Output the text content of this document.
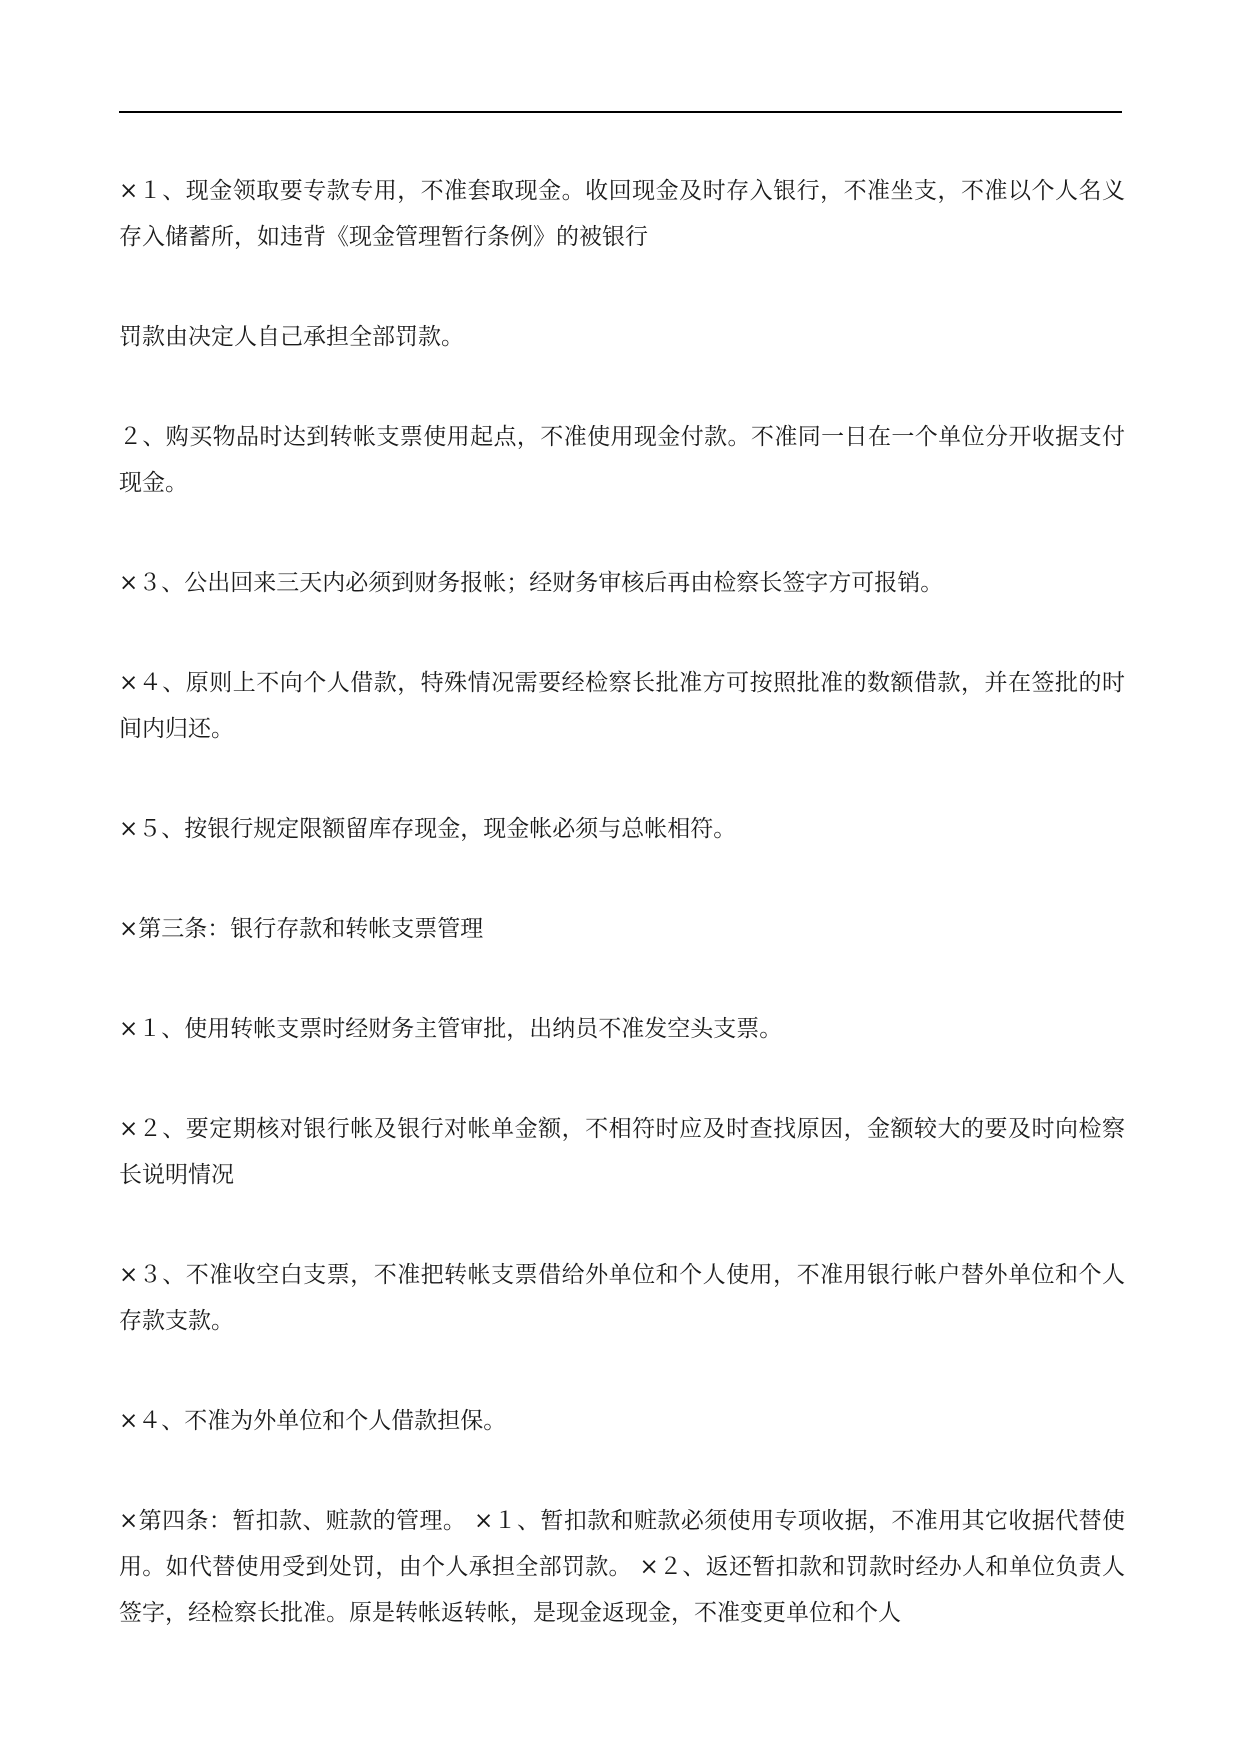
×１、现金领取要专款专用，不准套取现金。收回现金及时存入银行，不准坐支，不准以个人名义存入储蓄所，如违背《现金管理暂行条例》的被银行

罚款由决定人自己承担全部罚款。

２、购买物品时达到转帐支票使用起点，不准使用现金付款。不准同一日在一个单位分开收据支付现金。

×３、公出回来三天内必须到财务报帐；经财务审核后再由检察长签字方可报销。

×４、原则上不向个人借款，特殊情况需要经检察长批准方可按照批准的数额借款，并在签批的时间内归还。

×５、按银行规定限额留库存现金，现金帐必须与总帐相符。

×第三条：银行存款和转帐支票管理

×１、使用转帐支票时经财务主管审批，出纳员不准发空头支票。

×２、要定期核对银行帐及银行对帐单金额，不相符时应及时查找原因，金额较大的要及时向检察长说明情况

×３、不准收空白支票，不准把转帐支票借给外单位和个人使用，不准用银行帐户替外单位和个人存款支款。

×４、不准为外单位和个人借款担保。

×第四条：暂扣款、赃款的管理。 ×１、暂扣款和赃款必须使用专项收据，不准用其它收据代替使用。如代替使用受到处罚，由个人承担全部罚款。 ×２、返还暂扣款和罚款时经办人和单位负责人签字，经检察长批准。原是转帐返转帐，是现金返现金，不准变更单位和个人
